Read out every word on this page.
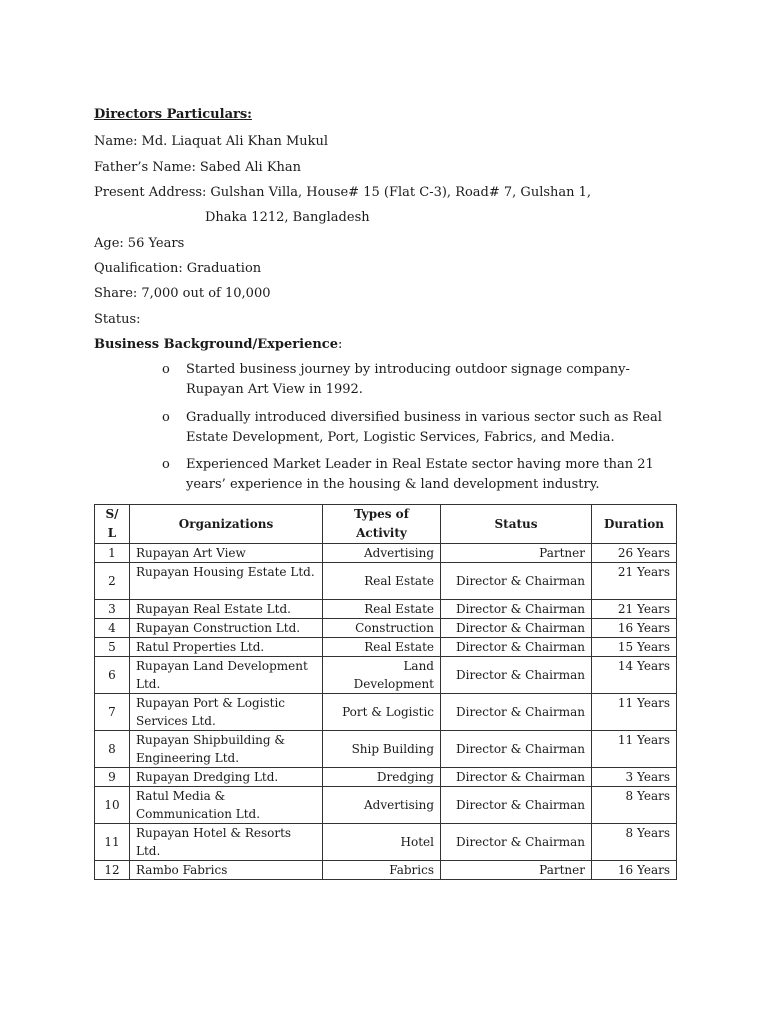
Directors Particulars:
Name: Md. Liaquat Ali Khan Mukul
Father’s Name: Sabed Ali Khan
Present Address: Gulshan Villa, House# 15 (Flat C-3), Road# 7, Gulshan 1,
Dhaka 1212, Bangladesh
Age: 56 Years
Qualification: Graduation
Share: 7,000 out of 10,000
Status:
Business Background/Experience:
o Started business journey by introducing outdoor signage company- Rupayan Art View in 1992.
o Gradually introduced diversified business in various sector such as Real Estate Development, Port, Logistic Services, Fabrics, and Media.
o Experienced Market Leader in Real Estate sector having more than 21 years’ experience in the housing & land development industry.
S/ L	Organizations	Types of Activity	Status	Duration
1	Rupayan Art View	Advertising	Partner	26 Years
2	Rupayan Housing Estate Ltd.	Real Estate	Director & Chairman	21 Years
3	Rupayan Real Estate Ltd.	Real Estate	Director & Chairman	21 Years
4	Rupayan Construction Ltd.	Construction	Director & Chairman	16 Years
5	Ratul Properties Ltd.	Real Estate	Director & Chairman	15 Years
6	Rupayan Land Development Ltd.	Land Development	Director & Chairman	14 Years
7	Rupayan Port & Logistic Services Ltd.	Port & Logistic	Director & Chairman	11 Years
8	Rupayan Shipbuilding & Engineering Ltd.	Ship Building	Director & Chairman	11 Years
9	Rupayan Dredging Ltd.	Dredging	Director & Chairman	3 Years
10	Ratul Media & Communication Ltd.	Advertising	Director & Chairman	8 Years
11	Rupayan Hotel & Resorts Ltd.	Hotel	Director & Chairman	8 Years
12	Rambo Fabrics	Fabrics	Partner	16 Years
